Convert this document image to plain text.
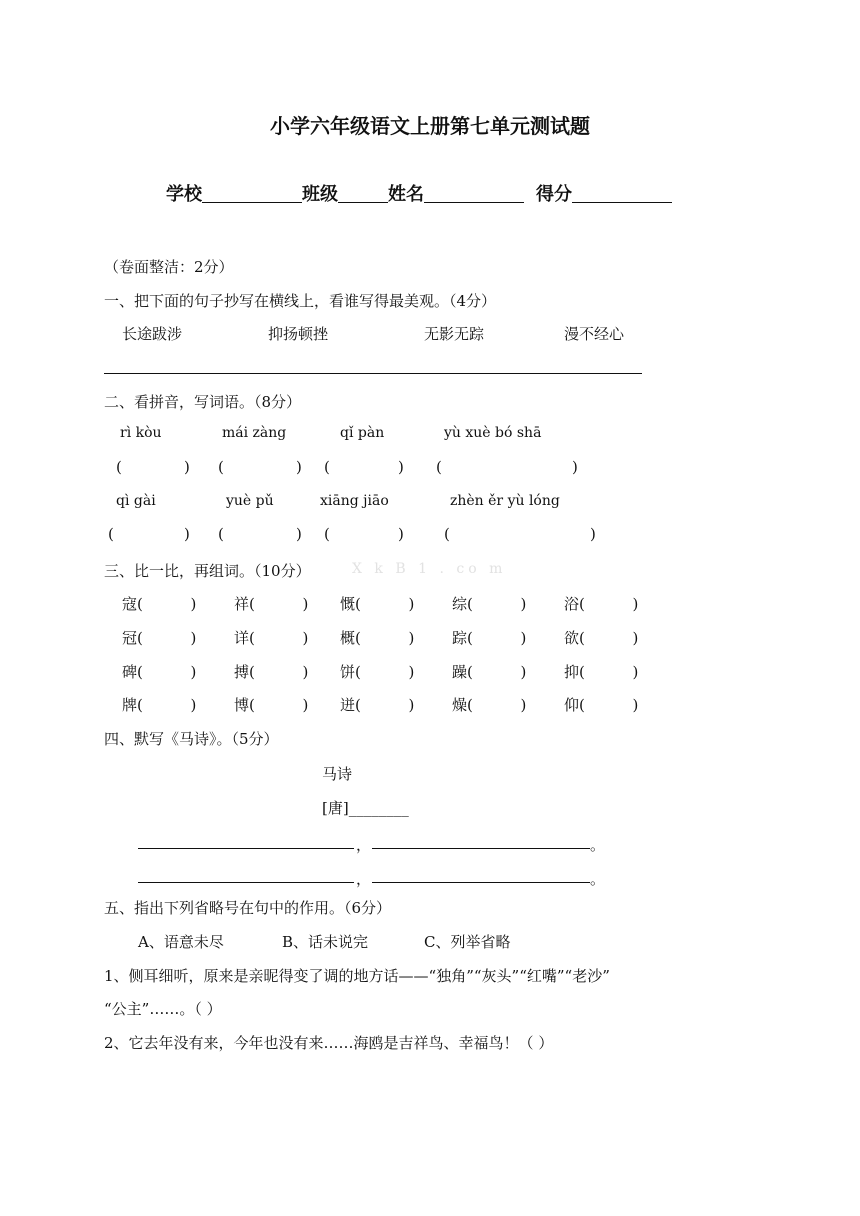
小学六年级语文上册第七单元测试题
学校	班级	姓名	得分
（卷面整洁：2分）
一、把下面的句子抄写在横线上，看谁写得最美观。（4分）
长途跋涉	抑扬顿挫	无影无踪	漫不经心
二、看拼音，写词语。（8分）
rì kòu	mái zàng	qǐ pàn	yù xuè bó shā
(	) (	) (	) (	)
qì gài	yuè pǔ	xiāng jiāo	zhèn ěr yù lóng
(	) (	) (	)	(	)
三、比一比，再组词。（10分）	X k B 1 . co m
寇(          )	祥(          ) 慨(          )	综(          )	浴(          )
冠(          )	详(          ) 概(          )	踪(          )	欲(          )
碑(          )	搏(          ) 饼(          )	躁(          )	抑(          )
牌(          )	博(          ) 迸(          )	燥(          )	仰(          )
四、默写《马诗》。（5分）
马诗
[唐]________
，	。
，	。
五、指出下列省略号在句中的作用。（6分）
A、语意未尽	B、话未说完	C、列举省略
1、侧耳细听，原来是亲昵得变了调的地方话——“独角”“灰头”“红嘴”“老沙”
“公主”……。（ ）
2、它去年没有来，今年也没有来……海鸥是吉祥鸟、幸福鸟！（ ）
